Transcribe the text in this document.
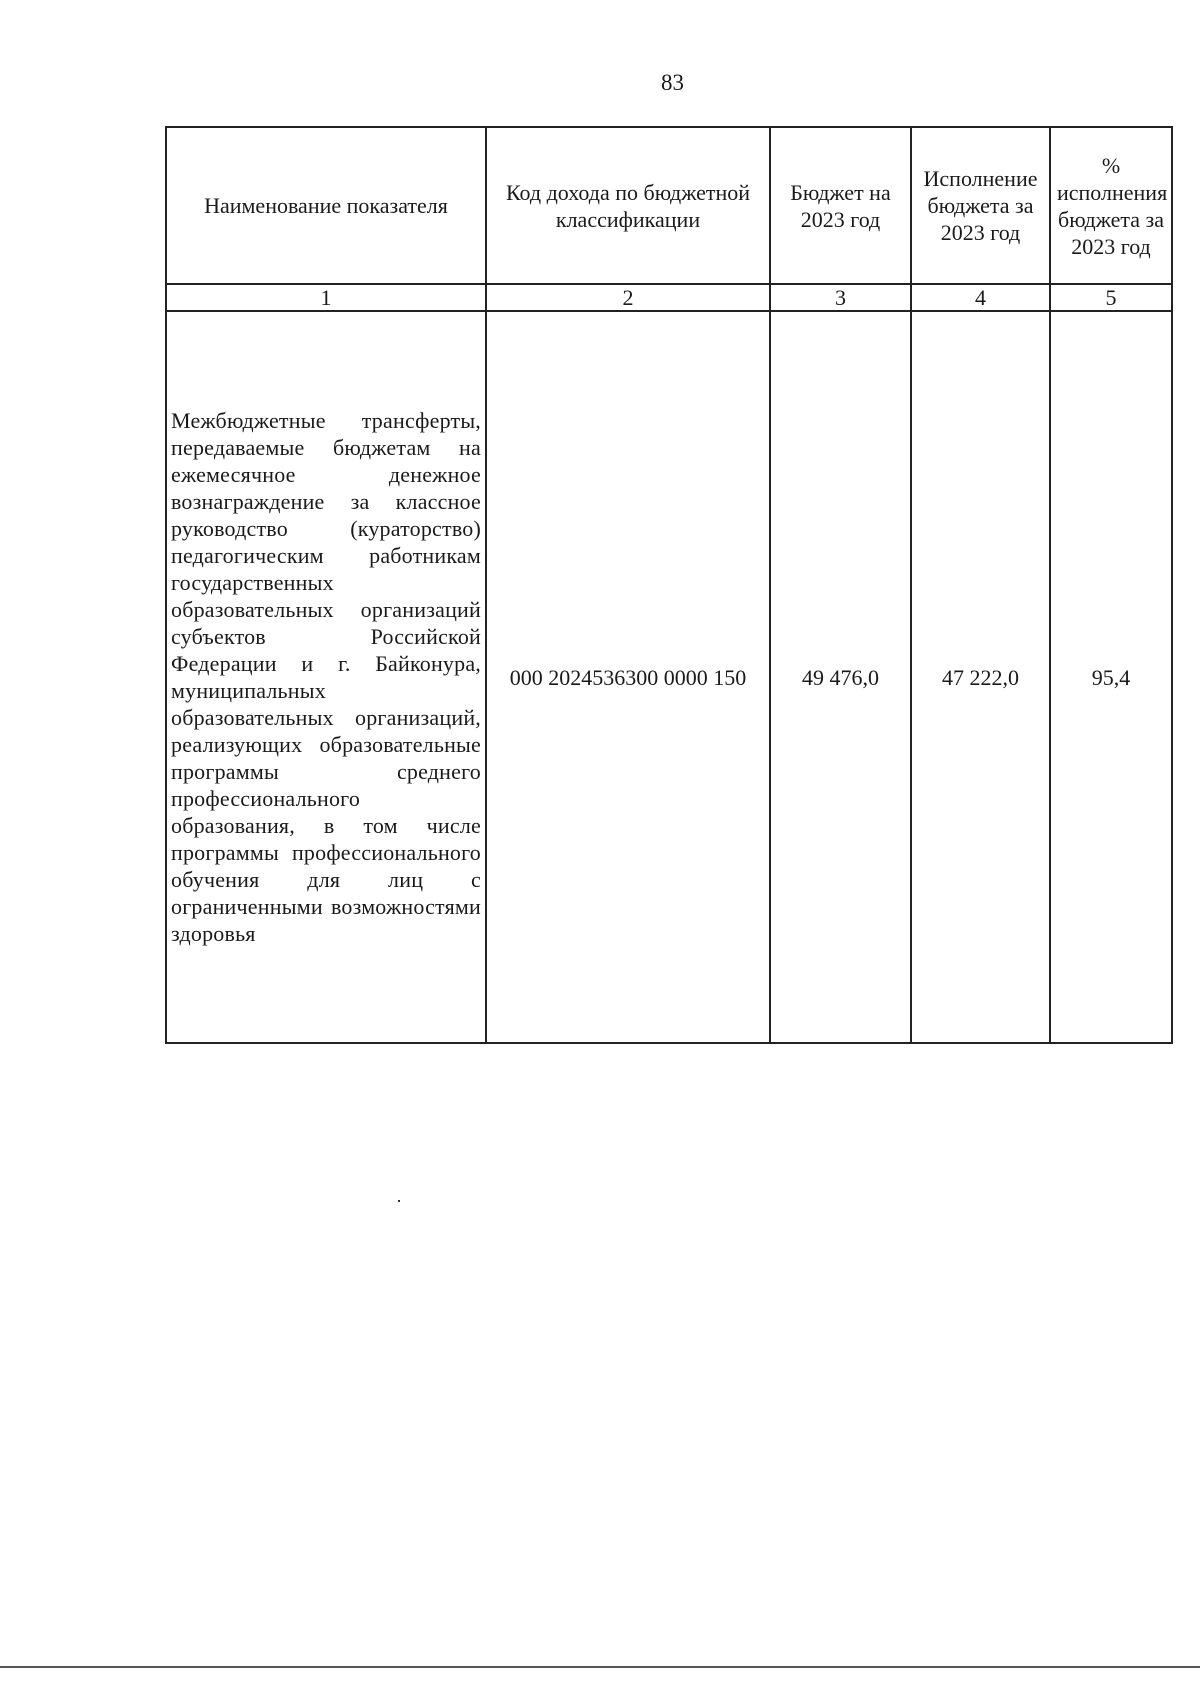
83
Наименование показателя	Код дохода по бюджетной классификации	Бюджет на 2023 год	Исполнение бюджета за 2023 год	% исполнения бюджета за 2023 год

1	2	3	4	5
Межбюджетные трансферты, передаваемые бюджетам на ежемесячное денежное вознаграждение за классное руководство (кураторство) педагогическим работникам государственных образовательных организаций субъектов Российской Федерации и г. Байконура, муниципальных образовательных организаций, реализующих образовательные программы среднего профессионального образования, в том числе программы профессионального обучения для лиц с ограниченными возможностями здоровья	000 2024536300 0000 150	49 476,0	47 222,0	95,4
